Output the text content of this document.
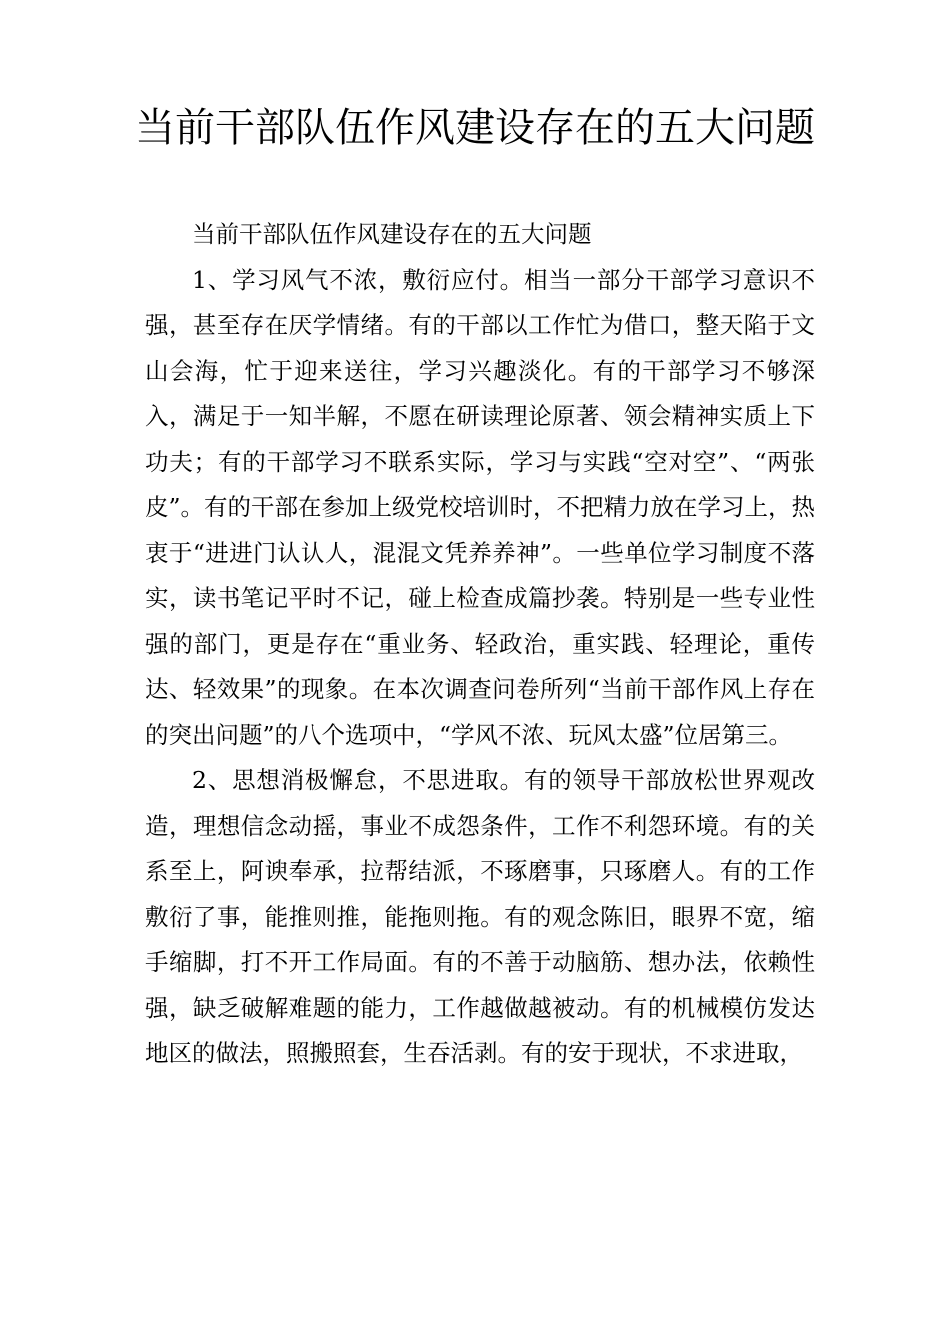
当前干部队伍作风建设存在的五大问题

当前干部队伍作风建设存在的五大问题

1、学习风气不浓，敷衍应付。相当一部分干部学习意识不强，甚至存在厌学情绪。有的干部以工作忙为借口，整天陷于文山会海，忙于迎来送往，学习兴趣淡化。有的干部学习不够深入，满足于一知半解，不愿在研读理论原著、领会精神实质上下功夫；有的干部学习不联系实际，学习与实践“空对空”、“两张皮”。有的干部在参加上级党校培训时，不把精力放在学习上，热衷于“进进门认认人，混混文凭养养神”。一些单位学习制度不落实，读书笔记平时不记，碰上检查成篇抄袭。特别是一些专业性强的部门，更是存在“重业务、轻政治，重实践、轻理论，重传达、轻效果”的现象。在本次调查问卷所列“当前干部作风上存在的突出问题”的八个选项中，“学风不浓、玩风太盛”位居第三。

2、思想消极懈怠，不思进取。有的领导干部放松世界观改造，理想信念动摇，事业不成怨条件，工作不利怨环境。有的关系至上，阿谀奉承，拉帮结派，不琢磨事，只琢磨人。有的工作敷衍了事，能推则推，能拖则拖。有的观念陈旧，眼界不宽，缩手缩脚，打不开工作局面。有的不善于动脑筋、想办法，依赖性强，缺乏破解难题的能力，工作越做越被动。有的机械模仿发达地区的做法，照搬照套，生吞活剥。有的安于现状，不求进取，
